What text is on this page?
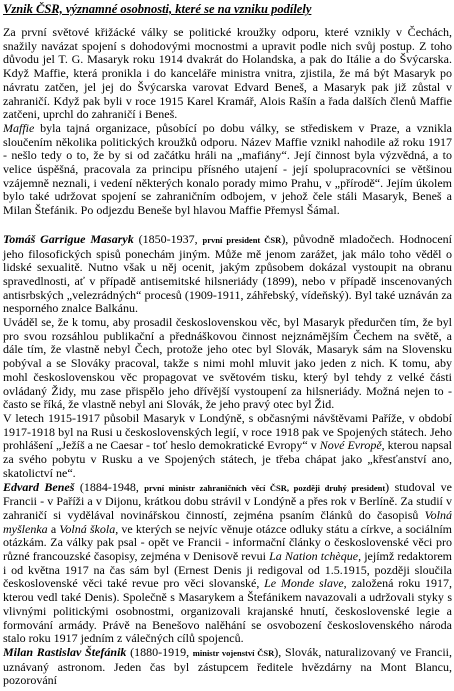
Vznik ČSR, významné osobnosti, které se na vzniku podílely

Za první světové křižácké války se politické kroužky odporu, které vznikly v Čechách, snažily navázat spojení s dohodovými mocnostmi a upravit podle nich svůj postup. Z toho důvodu jel T. G. Masaryk roku 1914 dvakrát do Holandska, a pak do Itálie a do Švýcarska. Když Maffie, která pronikla i do kanceláře ministra vnitra, zjistila, že má být Masaryk po návratu zatčen, jel jej do Švýcarska varovat Edvard Beneš, a Masaryk pak již zůstal v zahraničí. Když pak byli v roce 1915 Karel Kramář, Alois Rašín a řada dalších členů Maffie zatčeni, uprchl do zahraničí i Beneš.

Maffie byla tajná organizace, působící po dobu války, se střediskem v Praze, a vznikla sloučením několika politických kroužků odporu. Název Maffie vznikl nahodile až roku 1917 - nešlo tedy o to, že by si od začátku hráli na „mafiány“. Její činnost byla výzvědná, a to velice úspěšná, pracovala za principu přísného utajení - její spolupracovníci se většinou vzájemně neznali, i vedení některých konalo porady mimo Prahu, v „přírodě“. Jejím úkolem bylo také udržovat spojení se zahraničním odbojem, v jehož čele stáli Masaryk, Beneš a Milan Štefánik. Po odjezdu Beneše byl hlavou Maffie Přemysl Šámal.

Tomáš Garrigue Masaryk (1850-1937, první president ČSR), původně mladočech. Hodnocení jeho filosofických spisů ponechám jiným. Může mě jenom zarážet, jak málo toho věděl o lidské sexualitě. Nutno však u něj ocenit, jakým způsobem dokázal vystoupit na obranu spravedlnosti, ať v případě antisemitské hilsneriády (1899), nebo v případě inscenovaných antisrbských „velezrádných“ procesů (1909-1911, záhřebský, vídeňský). Byl také uznáván za nesporného znalce Balkánu.

Uváděl se, že k tomu, aby prosadil československou věc, byl Masaryk předurčen tím, že byl pro svou rozsáhlou publikační a přednáškovou činnost nejznámějším Čechem na světě, a dále tím, že vlastně nebyl Čech, protože jeho otec byl Slovák, Masaryk sám na Slovensku pobýval a se Slováky pracoval, takže s nimi mohl mluvit jako jeden z nich. K tomu, aby mohl československou věc propagovat ve světovém tisku, který byl tehdy z velké části ovládaný Židy, mu zase přispělo jeho dřívější vystoupení za hilsneriády. Možná nejen to - často se říká, že vlastně nebyl ani Slovák, že jeho pravý otec byl Žid.

V letech 1915-1917 působil Masaryk v Londýně, s občasnými návštěvami Paříže, v období 1917-1918 byl na Rusi u československých legií, v roce 1918 pak ve Spojených státech. Jeho prohlášení „Ježíš a ne Caesar - toť heslo demokratické Evropy“ v Nové Evropě, kterou napsal za svého pobytu v Rusku a ve Spojených státech, je třeba chápat jako „křesťanství ano, skatolictví ne“.

Edvard Beneš (1884-1948, první ministr zahraničních věcí ČSR, později druhý president) studoval ve Francii - v Paříži a v Dijonu, krátkou dobu strávil v Londýně a přes rok v Berlíně. Za studií v zahraničí si vydělával novinářskou činností, zejména psaním článků do časopisů Volná myšlenka a Volná škola, ve kterých se nejvíc věnuje otázce odluky státu a církve, a sociálním otázkám. Za války pak psal - opět ve Francii - informační články o československé věci pro různé francouzské časopisy, zejména v Denisově revui La Nation tchèque, jejímž redaktorem i od května 1917 na čas sám byl (Ernest Denis ji redigoval od 1.5.1915, později sloučila československé věci také revue pro věci slovanské, Le Monde slave, založená roku 1917, kterou vedl také Denis). Společně s Masarykem a Štefánikem navazovali a udržovali styky s vlivnými politickými osobnostmi, organizovali krajanské hnutí, československé legie a formování armády. Právě na Benešovo nalěhání se osvobození československého národa stalo roku 1917 jedním z válečných cílů spojenců.

Milan Rastislav Štefánik (1880-1919, ministr vojenství ČSR), Slovák, naturalizovaný ve Francii, uznávaný astronom. Jeden čas byl zástupcem ředitele hvězdárny na Mont Blancu, pozorování
